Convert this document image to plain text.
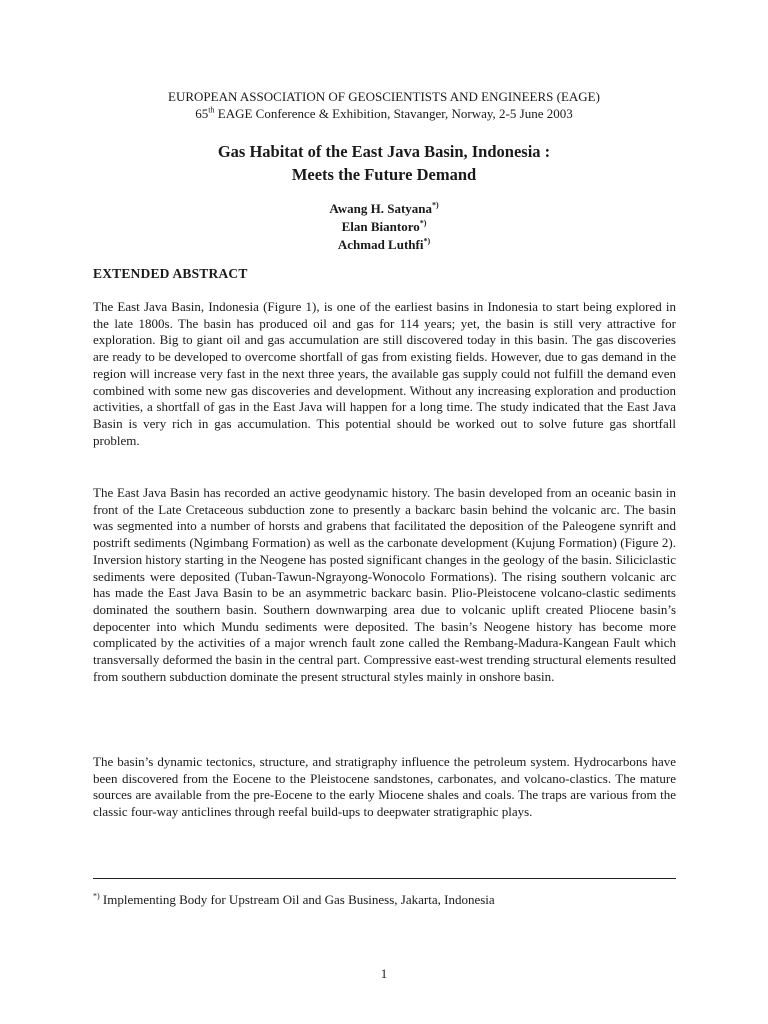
EUROPEAN ASSOCIATION OF GEOSCIENTISTS AND ENGINEERS (EAGE)
65th EAGE Conference & Exhibition, Stavanger, Norway, 2-5 June 2003
Gas Habitat of the East Java Basin, Indonesia :
Meets the Future Demand
Awang H. Satyana*)
Elan Biantoro*)
Achmad Luthfi*)
EXTENDED ABSTRACT
The East Java Basin, Indonesia (Figure 1), is one of the earliest basins in Indonesia to start being explored in the late 1800s. The basin has produced oil and gas for 114 years; yet, the basin is still very attractive for exploration. Big to giant oil and gas accumulation are still discovered today in this basin. The gas discoveries are ready to be developed to overcome shortfall of gas from existing fields. However, due to gas demand in the region will increase very fast in the next three years, the available gas supply could not fulfill the demand even combined with some new gas discoveries and development. Without any increasing exploration and production activities, a shortfall of gas in the East Java will happen for a long time. The study indicated that the East Java Basin is very rich in gas accumulation. This potential should be worked out to solve future gas shortfall problem.
The East Java Basin has recorded an active geodynamic history. The basin developed from an oceanic basin in front of the Late Cretaceous subduction zone to presently a backarc basin behind the volcanic arc. The basin was segmented into a number of horsts and grabens that facilitated the deposition of the Paleogene synrift and postrift sediments (Ngimbang Formation) as well as the carbonate development (Kujung Formation) (Figure 2). Inversion history starting in the Neogene has posted significant changes in the geology of the basin. Siliciclastic sediments were deposited (Tuban-Tawun-Ngrayong-Wonocolo Formations). The rising southern volcanic arc has made the East Java Basin to be an asymmetric backarc basin. Plio-Pleistocene volcano-clastic sediments dominated the southern basin. Southern downwarping area due to volcanic uplift created Pliocene basin’s depocenter into which Mundu sediments were deposited. The basin’s Neogene history has become more complicated by the activities of a major wrench fault zone called the Rembang-Madura-Kangean Fault which transversally deformed the basin in the central part. Compressive east-west trending structural elements resulted from southern subduction dominate the present structural styles mainly in onshore basin.
The basin’s dynamic tectonics, structure, and stratigraphy influence the petroleum system. Hydrocarbons have been discovered from the Eocene to the Pleistocene sandstones, carbonates, and volcano-clastics. The mature sources are available from the pre-Eocene to the early Miocene shales and coals. The traps are various from the classic four-way anticlines through reefal build-ups to deepwater stratigraphic plays.
*) Implementing Body for Upstream Oil and Gas Business, Jakarta, Indonesia
1
